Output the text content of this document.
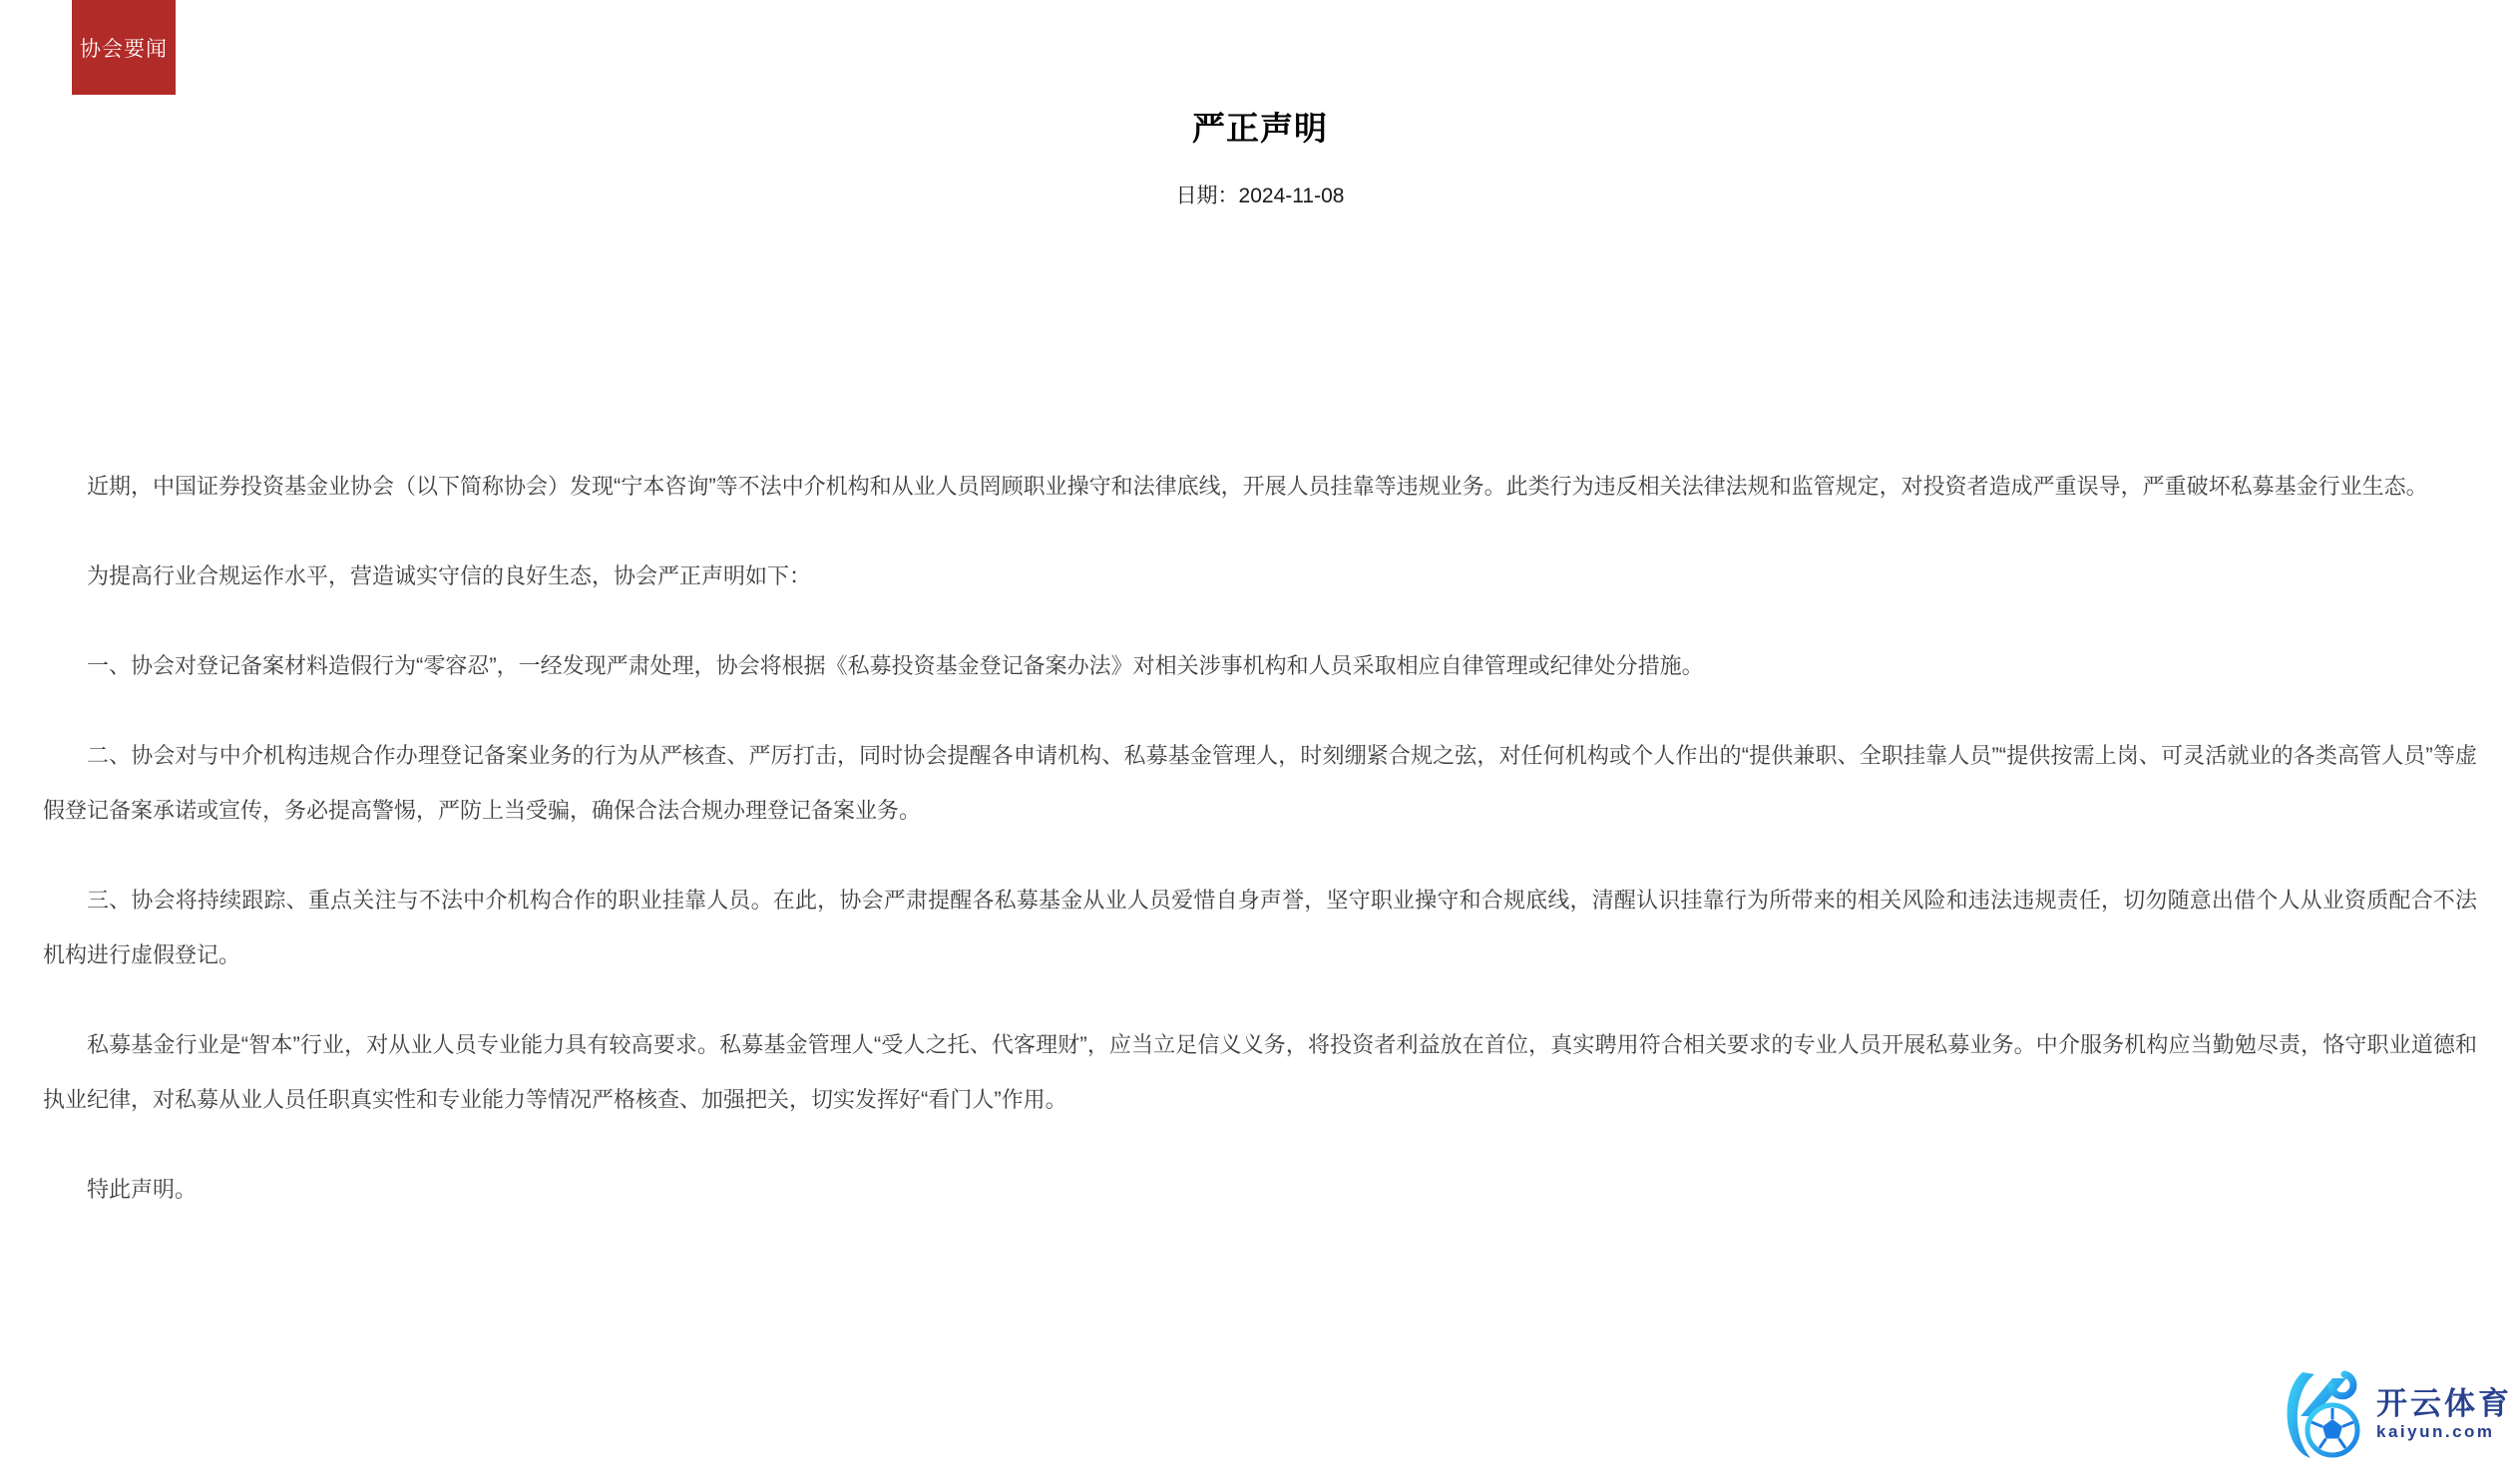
协会要闻
严正声明
日期：2024-11-08

近期，中国证券投资基金业协会（以下简称协会）发现“宁本咨询”等不法中介机构和从业人员罔顾职业操守和法律底线，开展人员挂靠等违规业务。此类行为违反相关法律法规和监管规定，对投资者造成严重误导，严重破坏私募基金行业生态。

为提高行业合规运作水平，营造诚实守信的良好生态，协会严正声明如下：

一、协会对登记备案材料造假行为“零容忍”，一经发现严肃处理，协会将根据《私募投资基金登记备案办法》对相关涉事机构和人员采取相应自律管理或纪律处分措施。

二、协会对与中介机构违规合作办理登记备案业务的行为从严核查、严厉打击，同时协会提醒各申请机构、私募基金管理人，时刻绷紧合规之弦，对任何机构或个人作出的“提供兼职、全职挂靠人员”“提供按需上岗、可灵活就业的各类高管人员”等虚假登记备案承诺或宣传，务必提高警惕，严防上当受骗，确保合法合规办理登记备案业务。

三、协会将持续跟踪、重点关注与不法中介机构合作的职业挂靠人员。在此，协会严肃提醒各私募基金从业人员爱惜自身声誉，坚守职业操守和合规底线，清醒认识挂靠行为所带来的相关风险和违法违规责任，切勿随意出借个人从业资质配合不法机构进行虚假登记。

私募基金行业是“智本”行业，对从业人员专业能力具有较高要求。私募基金管理人“受人之托、代客理财”，应当立足信义义务，将投资者利益放在首位，真实聘用符合相关要求的专业人员开展私募业务。中介服务机构应当勤勉尽责，恪守职业道德和执业纪律，对私募从业人员任职真实性和专业能力等情况严格核查、加强把关，切实发挥好“看门人”作用。

特此声明。

开云体育
kaiyun.com
